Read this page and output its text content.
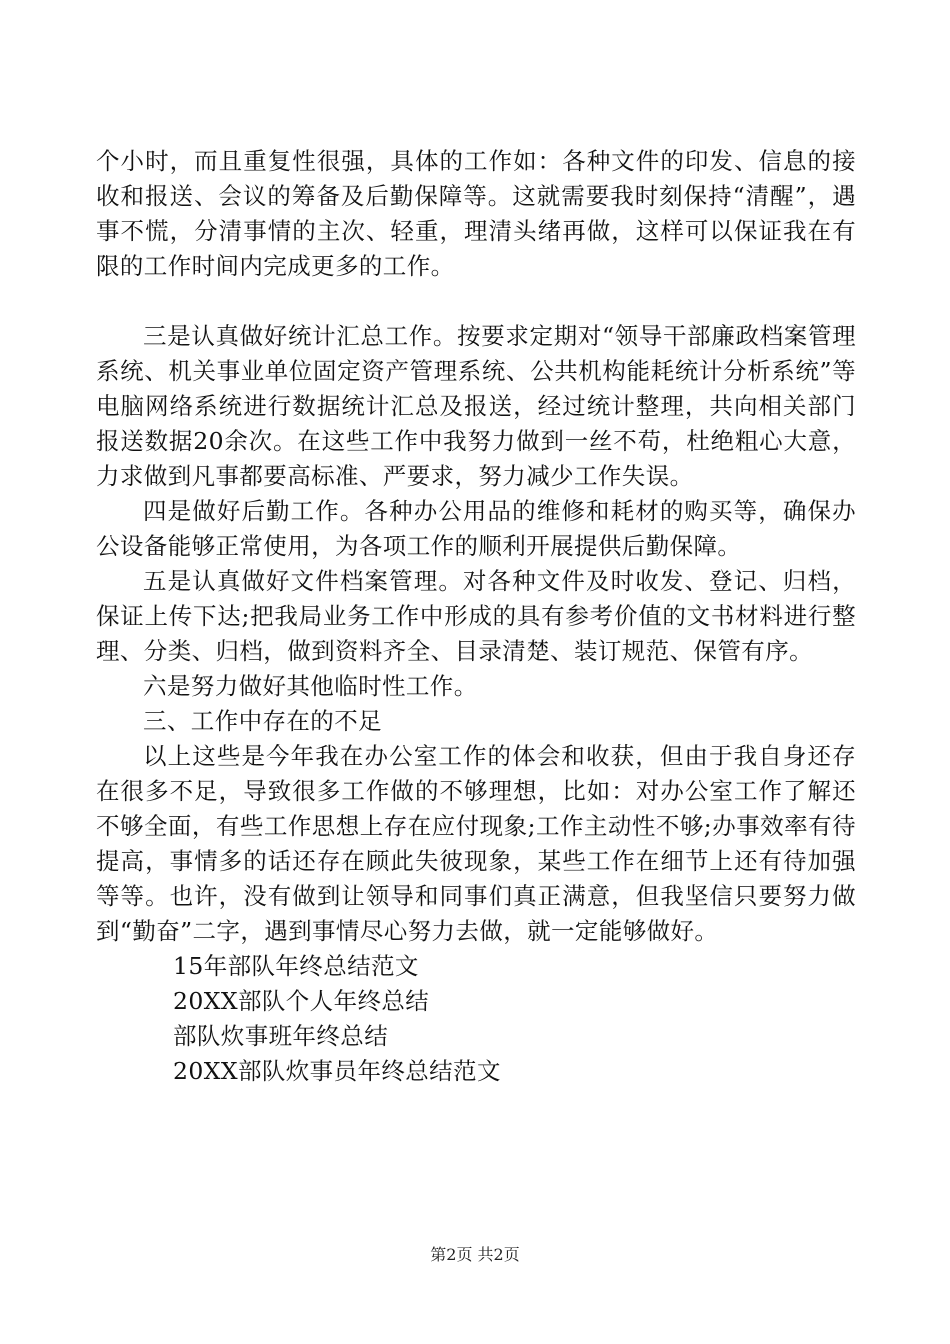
个小时，而且重复性很强，具体的工作如：各种文件的印发、信息的接收和报送、会议的筹备及后勤保障等。这就需要我时刻保持“清醒”，遇事不慌，分清事情的主次、轻重，理清头绪再做，这样可以保证我在有限的工作时间内完成更多的工作。

三是认真做好统计汇总工作。按要求定期对“领导干部廉政档案管理系统、机关事业单位固定资产管理系统、公共机构能耗统计分析系统”等电脑网络系统进行数据统计汇总及报送，经过统计整理，共向相关部门报送数据20余次。在这些工作中我努力做到一丝不苟，杜绝粗心大意，力求做到凡事都要高标准、严要求，努力减少工作失误。

四是做好后勤工作。各种办公用品的维修和耗材的购买等，确保办公设备能够正常使用，为各项工作的顺利开展提供后勤保障。

五是认真做好文件档案管理。对各种文件及时收发、登记、归档，保证上传下达;把我局业务工作中形成的具有参考价值的文书材料进行整理、分类、归档，做到资料齐全、目录清楚、装订规范、保管有序。

六是努力做好其他临时性工作。

三、工作中存在的不足

以上这些是今年我在办公室工作的体会和收获，但由于我自身还存在很多不足，导致很多工作做的不够理想，比如：对办公室工作了解还不够全面，有些工作思想上存在应付现象;工作主动性不够;办事效率有待提高，事情多的话还存在顾此失彼现象，某些工作在细节上还有待加强等等。也许，没有做到让领导和同事们真正满意，但我坚信只要努力做到“勤奋”二字，遇到事情尽心努力去做，就一定能够做好。

15年部队年终总结范文

20XX部队个人年终总结

部队炊事班年终总结

20XX部队炊事员年终总结范文

第2页 共2页
